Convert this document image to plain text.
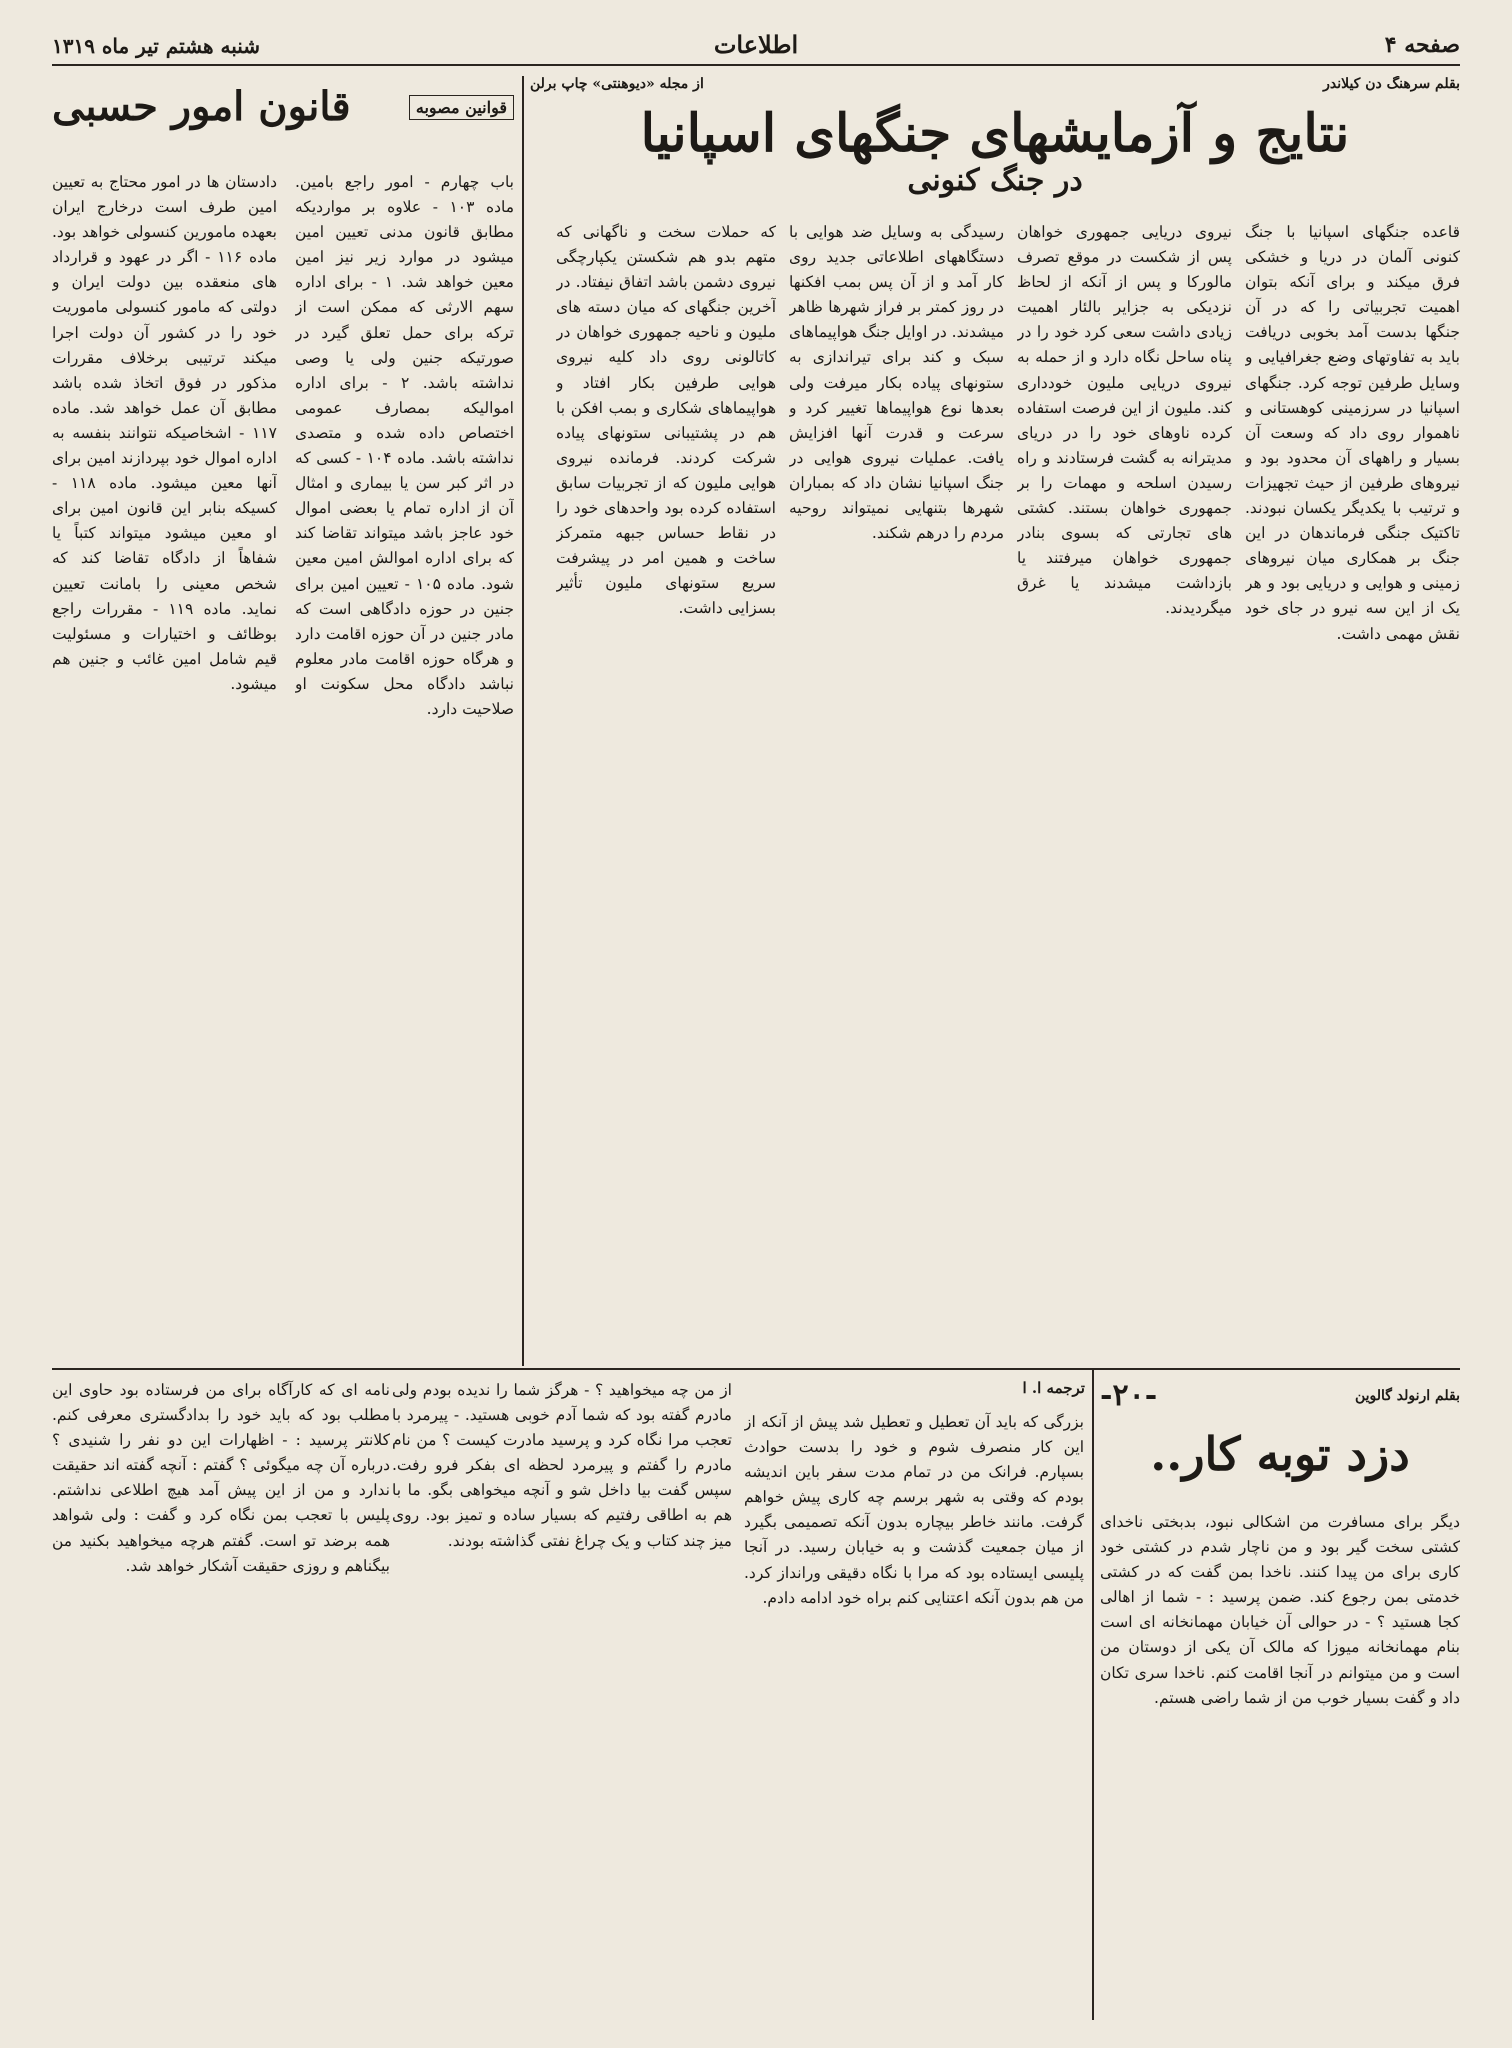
صفحه ۴
اطلاعات
شنبه هشتم تیر ماه ۱۳۱۹
بقلم سرهنگ دن کیلاندر
از مجله «دیوهنتی» چاپ برلن
نتایج و آزمایشهای جنگهای اسپانیا
در جنگ کنونی

قاعده جنگهای اسپانیا با جنگ کنونی آلمان در دریا و خشکی فرق میکند و برای آنکه بتوان اهمیت تجربیاتی را که در آن جنگها بدست آمد بخوبی دریافت باید به تفاوتهای وضع جغرافیایی و وسایل طرفین توجه کرد. جنگهای اسپانیا در سرزمینی کوهستانی و ناهموار روی داد که وسعت آن بسیار و راههای آن محدود بود و نیروهای طرفین از حیث تجهیزات و ترتیب با یکدیگر یکسان نبودند. تاکتیک جنگی فرماندهان در این جنگ بر همکاری میان نیروهای زمینی و هوایی و دریایی بود و هر یک از این سه نیرو در جای خود نقش مهمی داشت.

نیروی دریایی جمهوری خواهان پس از شکست در موقع تصرف مالورکا و پس از آنکه از لحاظ نزدیکی به جزایر بالئار اهمیت زیادی داشت سعی کرد خود را در پناه ساحل نگاه دارد و از حمله به نیروی دریایی ملیون خودداری کند. ملیون از این فرصت استفاده کرده ناوهای خود را در دریای مدیترانه به گشت فرستادند و راه رسیدن اسلحه و مهمات را بر جمهوری خواهان بستند. کشتی های تجارتی که بسوی بنادر جمهوری خواهان میرفتند یا بازداشت میشدند یا غرق میگردیدند.

رسیدگی به وسایل ضد هوایی با دستگاههای اطلاعاتی جدید روی کار آمد و از آن پس بمب افکنها در روز کمتر بر فراز شهرها ظاهر میشدند. در اوایل جنگ هواپیماهای سبک و کند برای تیراندازی به ستونهای پیاده بکار میرفت ولی بعدها نوع هواپیماها تغییر کرد و سرعت و قدرت آنها افزایش یافت. عملیات نیروی هوایی در جنگ اسپانیا نشان داد که بمباران شهرها بتنهایی نمیتواند روحیه مردم را درهم شکند.

که حملات سخت و ناگهانی که متهم بدو هم شکستن یکپارچگی نیروی دشمن باشد اتفاق نیفتاد. در آخرین جنگهای که میان دسته های ملیون و ناحیه جمهوری خواهان در کاتالونی روی داد کلیه نیروی هوایی طرفین بکار افتاد و هواپیماهای شکاری و بمب افکن با هم در پشتیبانی ستونهای پیاده شرکت کردند. فرمانده نیروی هوایی ملیون که از تجربیات سابق استفاده کرده بود واحدهای خود را در نقاط حساس جبهه متمرکز ساخت و همین امر در پیشرفت سریع ستونهای ملیون تأثیر بسزایی داشت.

قوانین مصوبه
قانون امور حسبی

باب چهارم - امور راجع بامین. ماده ۱۰۳ - علاوه بر مواردیکه مطابق قانون مدنی تعیین امین میشود در موارد زیر نیز امین معین خواهد شد. ۱ - برای اداره سهم الارثی که ممکن است از ترکه برای حمل تعلق گیرد در صورتیکه جنین ولی یا وصی نداشته باشد. ۲ - برای اداره اموالیکه بمصارف عمومی اختصاص داده شده و متصدی نداشته باشد. ماده ۱۰۴ - کسی که در اثر کبر سن یا بیماری و امثال آن از اداره تمام یا بعضی اموال خود عاجز باشد میتواند تقاضا کند که برای اداره اموالش امین معین شود. ماده ۱۰۵ - تعیین امین برای جنین در حوزه دادگاهی است که مادر جنین در آن حوزه اقامت دارد و هرگاه حوزه اقامت مادر معلوم نباشد دادگاه محل سکونت او صلاحیت دارد.

دادستان ها در امور محتاج به تعیین امین طرف است درخارج ایران بعهده مامورین کنسولی خواهد بود. ماده ۱۱۶ - اگر در عهود و قرارداد های منعقده بین دولت ایران و دولتی که مامور کنسولی ماموریت خود را در کشور آن دولت اجرا میکند ترتیبی برخلاف مقررات مذکور در فوق اتخاذ شده باشد مطابق آن عمل خواهد شد. ماده ۱۱۷ - اشخاصیکه نتوانند بنفسه به اداره اموال خود بپردازند امین برای آنها معین میشود. ماده ۱۱۸ - کسیکه بنابر این قانون امین برای او معین میشود میتواند کتباً یا شفاهاً از دادگاه تقاضا کند که شخص معینی را بامانت تعیین نماید. ماده ۱۱۹ - مقررات راجع بوظائف و اختیارات و مسئولیت قیم شامل امین غائب و جنین هم میشود.

بقلم ارنولد گالوین
-۲۰-
دزد توبه کار..
ترجمه ا. ا

دیگر برای مسافرت من اشکالی نبود، بدبختی ناخدای کشتی سخت گیر بود و من ناچار شدم در کشتی خود کاری برای من پیدا کنند. ناخدا بمن گفت که در کشتی خدمتی بمن رجوع کند. ضمن پرسید : - شما از اهالی کجا هستید ؟ - در حوالی آن خیابان مهمانخانه ای است بنام مهمانخانه میوزا که مالک آن یکی از دوستان من است و من میتوانم در آنجا اقامت کنم. ناخدا سری تکان داد و گفت بسیار خوب من از شما راضی هستم.

بزرگی که باید آن تعطیل و تعطیل شد پیش از آنکه از این کار منصرف شوم و خود را بدست حوادث بسپارم. فرانک من در تمام مدت سفر باین اندیشه بودم که وقتی به شهر برسم چه کاری پیش خواهم گرفت. مانند خاطر بیچاره بدون آنکه تصمیمی بگیرد از میان جمعیت گذشت و به خیابان رسید. در آنجا پلیسی ایستاده بود که مرا با نگاه دقیقی ورانداز کرد. من هم بدون آنکه اعتنایی کنم براه خود ادامه دادم.

از من چه میخواهید ؟ - هرگز شما را ندیده بودم ولی مادرم گفته بود که شما آدم خوبی هستید. - پیرمرد با تعجب مرا نگاه کرد و پرسید مادرت کیست ؟ من نام مادرم را گفتم و پیرمرد لحظه ای بفکر فرو رفت. سپس گفت بیا داخل شو و آنچه میخواهی بگو. ما با هم به اطاقی رفتیم که بسیار ساده و تمیز بود. روی میز چند کتاب و یک چراغ نفتی گذاشته بودند.

نامه ای که کارآگاه برای من فرستاده بود حاوی این مطلب بود که باید خود را بدادگستری معرفی کنم. کلانتر پرسید : - اظهارات این دو نفر را شنیدی ؟ درباره آن چه میگوئی ؟ گفتم : آنچه گفته اند حقیقت ندارد و من از این پیش آمد هیچ اطلاعی نداشتم. پلیس با تعجب بمن نگاه کرد و گفت : ولی شواهد همه برضد تو است. گفتم هرچه میخواهید بکنید من بیگناهم و روزی حقیقت آشکار خواهد شد.
